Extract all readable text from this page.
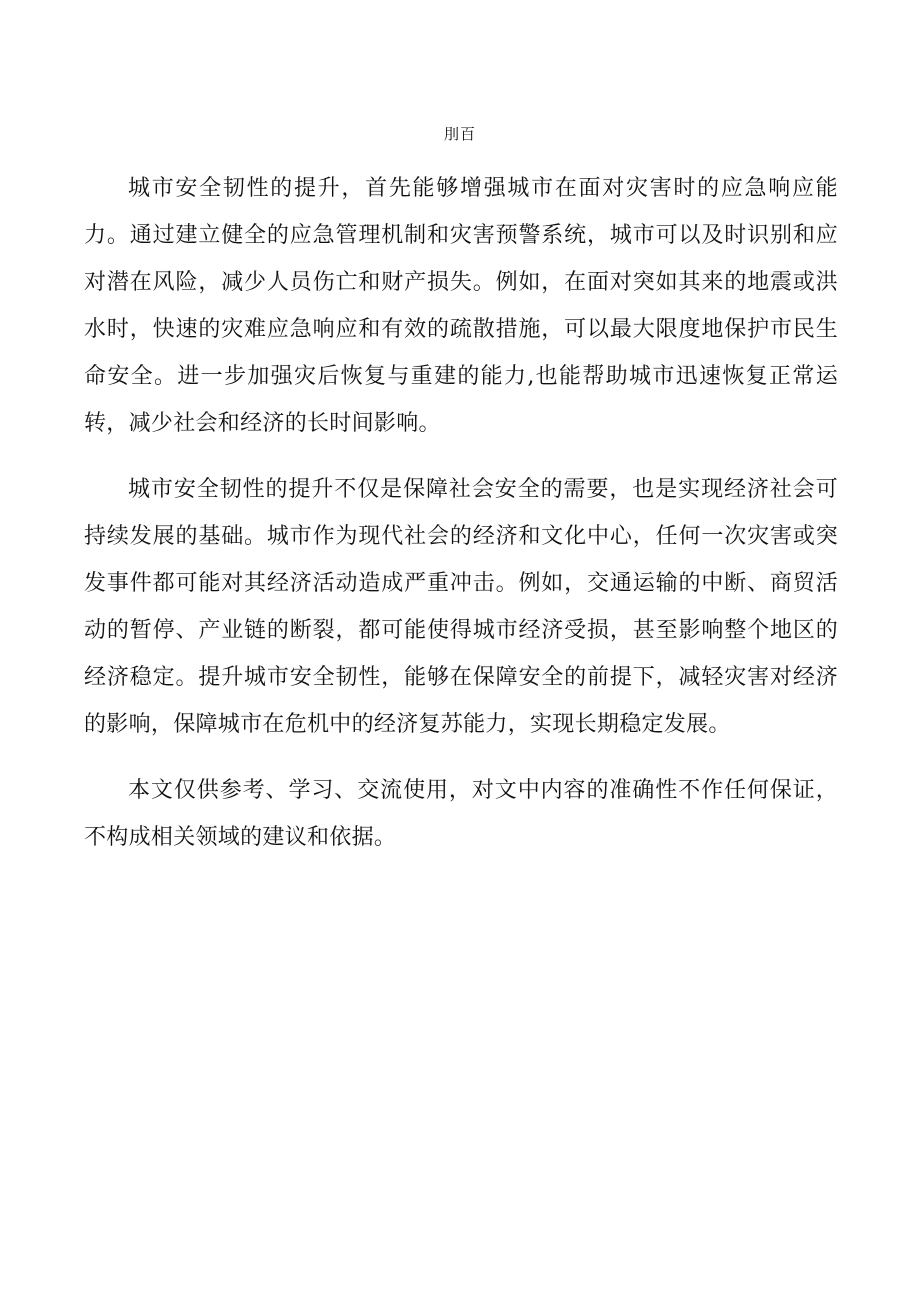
刖百

城市安全韧性的提升，首先能够增强城市在面对灾害时的应急响应能力。通过建立健全的应急管理机制和灾害预警系统，城市可以及时识别和应对潜在风险，减少人员伤亡和财产损失。例如，在面对突如其来的地震或洪水时，快速的灾难应急响应和有效的疏散措施，可以最大限度地保护市民生命安全。进一步加强灾后恢复与重建的能力,也能帮助城市迅速恢复正常运转，减少社会和经济的长时间影响。

城市安全韧性的提升不仅是保障社会安全的需要，也是实现经济社会可持续发展的基础。城市作为现代社会的经济和文化中心，任何一次灾害或突发事件都可能对其经济活动造成严重冲击。例如，交通运输的中断、商贸活动的暂停、产业链的断裂，都可能使得城市经济受损，甚至影响整个地区的经济稳定。提升城市安全韧性，能够在保障安全的前提下，减轻灾害对经济的影响，保障城市在危机中的经济复苏能力，实现长期稳定发展。

本文仅供参考、学习、交流使用，对文中内容的准确性不作任何保证，不构成相关领域的建议和依据。
